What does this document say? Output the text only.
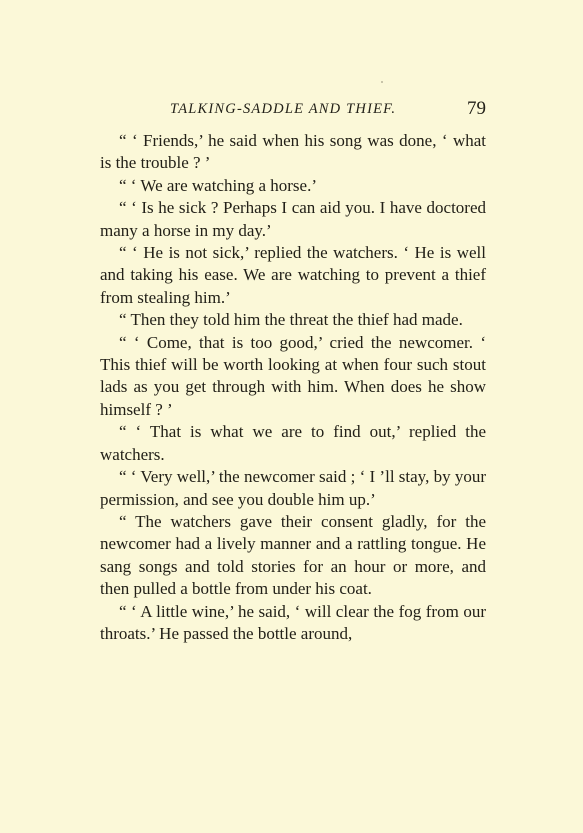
TALKING-SADDLE AND THIEF.	79

“ ‘ Friends,’ he said when his song was done, ‘ what is the trouble ? ’

“ ‘ We are watching a horse.’

“ ‘ Is he sick ? Perhaps I can aid you. I have doctored many a horse in my day.’

“ ‘ He is not sick,’ replied the watchers. ‘ He is well and taking his ease. We are watching to prevent a thief from stealing him.’

“ Then they told him the threat the thief had made.

“ ‘ Come, that is too good,’ cried the newcomer. ‘ This thief will be worth looking at when four such stout lads as you get through with him. When does he show himself ? ’

“ ‘ That is what we are to find out,’ replied the watchers.

“ ‘ Very well,’ the newcomer said ; ‘ I ’ll stay, by your permission, and see you double him up.’

“ The watchers gave their consent gladly, for the newcomer had a lively manner and a rattling tongue. He sang songs and told stories for an hour or more, and then pulled a bottle from under his coat.

“ ‘ A little wine,’ he said, ‘ will clear the fog from our throats.’ He passed the bottle around,
